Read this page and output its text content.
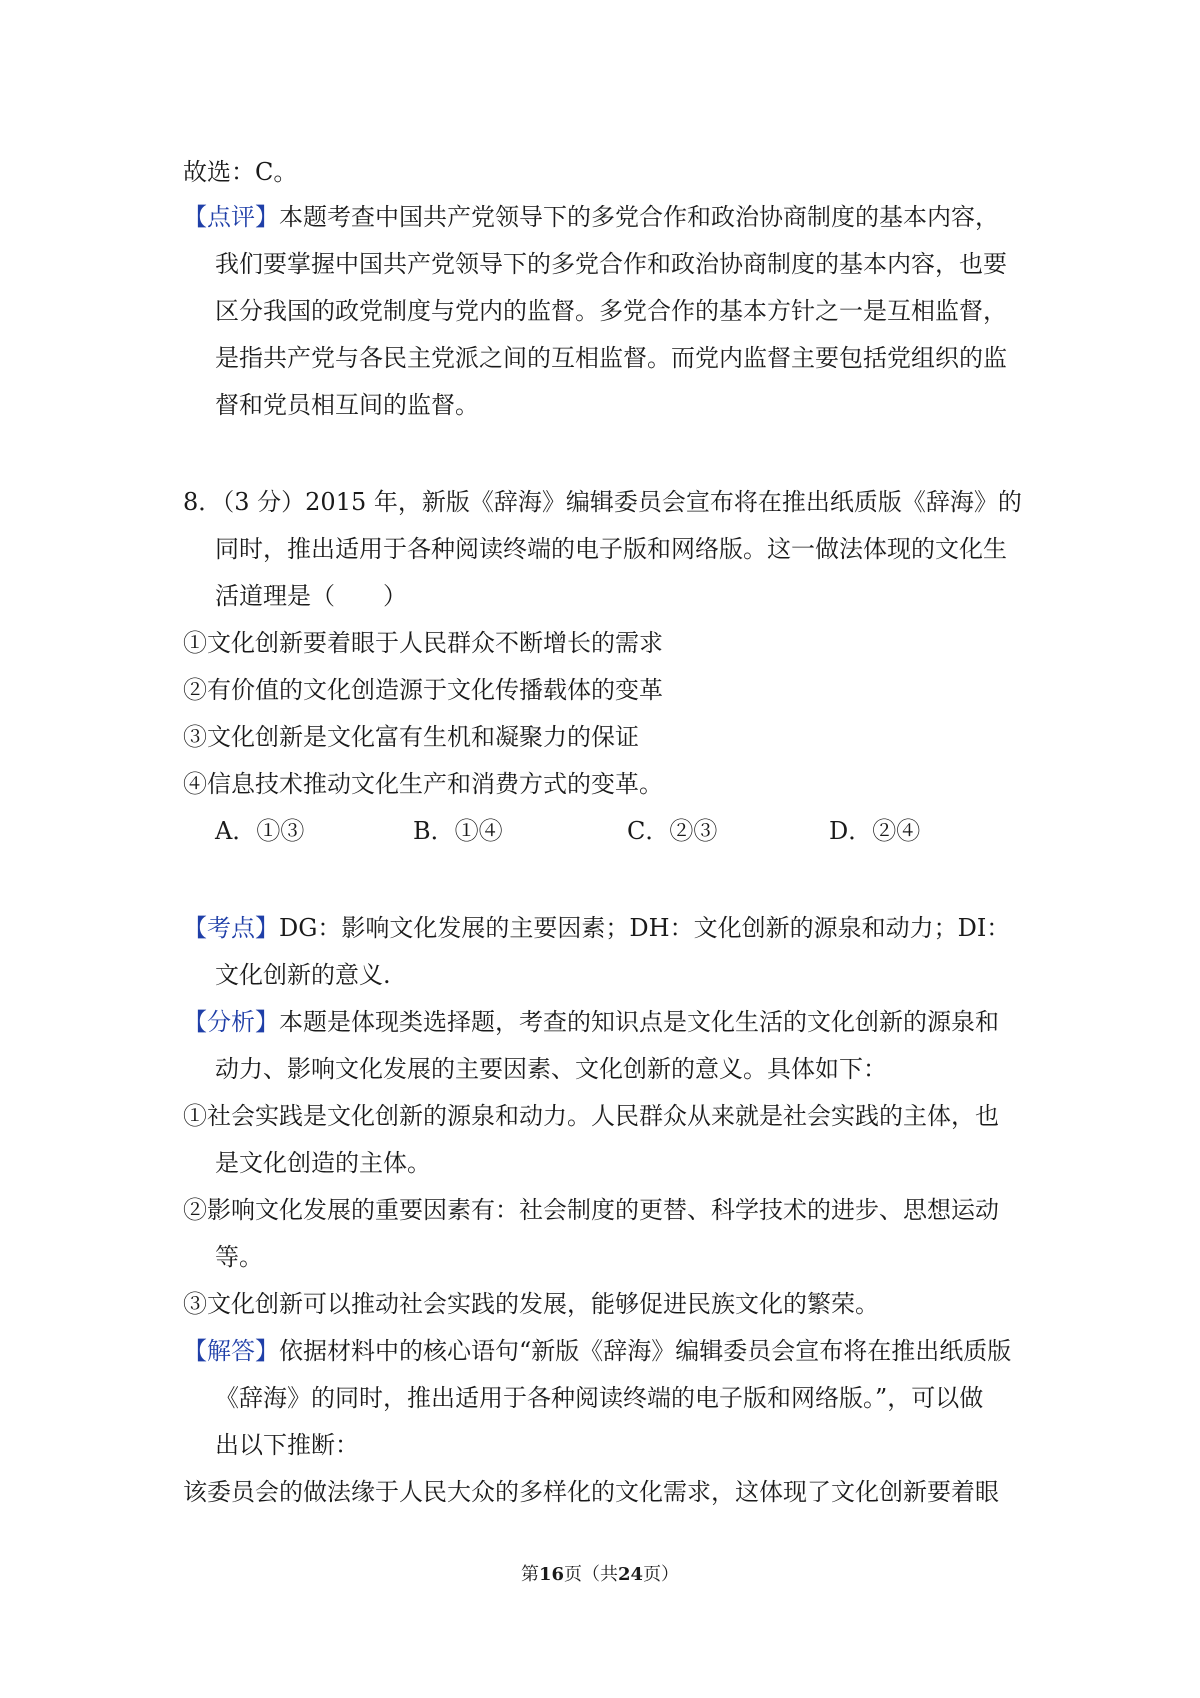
故选：C。
【点评】本题考查中国共产党领导下的多党合作和政治协商制度的基本内容，
我们要掌握中国共产党领导下的多党合作和政治协商制度的基本内容，也要
区分我国的政党制度与党内的监督。多党合作的基本方针之一是互相监督，
是指共产党与各民主党派之间的互相监督。而党内监督主要包括党组织的监
督和党员相互间的监督。
8．（3 分）2015 年，新版《辞海》编辑委员会宣布将在推出纸质版《辞海》的
同时，推出适用于各种阅读终端的电子版和网络版。这一做法体现的文化生
活道理是（　　）
①文化创新要着眼于人民群众不断增长的需求
②有价值的文化创造源于文化传播载体的变革
③文化创新是文化富有生机和凝聚力的保证
④信息技术推动文化生产和消费方式的变革。
A．①③	B．①④	C．②③	D．②④
【考点】DG：影响文化发展的主要因素；DH：文化创新的源泉和动力；DI：
文化创新的意义.
【分析】本题是体现类选择题，考查的知识点是文化生活的文化创新的源泉和
动力、影响文化发展的主要因素、文化创新的意义。具体如下：
①社会实践是文化创新的源泉和动力。人民群众从来就是社会实践的主体，也
是文化创造的主体。
②影响文化发展的重要因素有：社会制度的更替、科学技术的进步、思想运动
等。
③文化创新可以推动社会实践的发展，能够促进民族文化的繁荣。
【解答】依据材料中的核心语句“新版《辞海》编辑委员会宣布将在推出纸质版
《辞海》的同时，推出适用于各种阅读终端的电子版和网络版。”，可以做
出以下推断：
该委员会的做法缘于人民大众的多样化的文化需求，这体现了文化创新要着眼
第16页（共24页）
